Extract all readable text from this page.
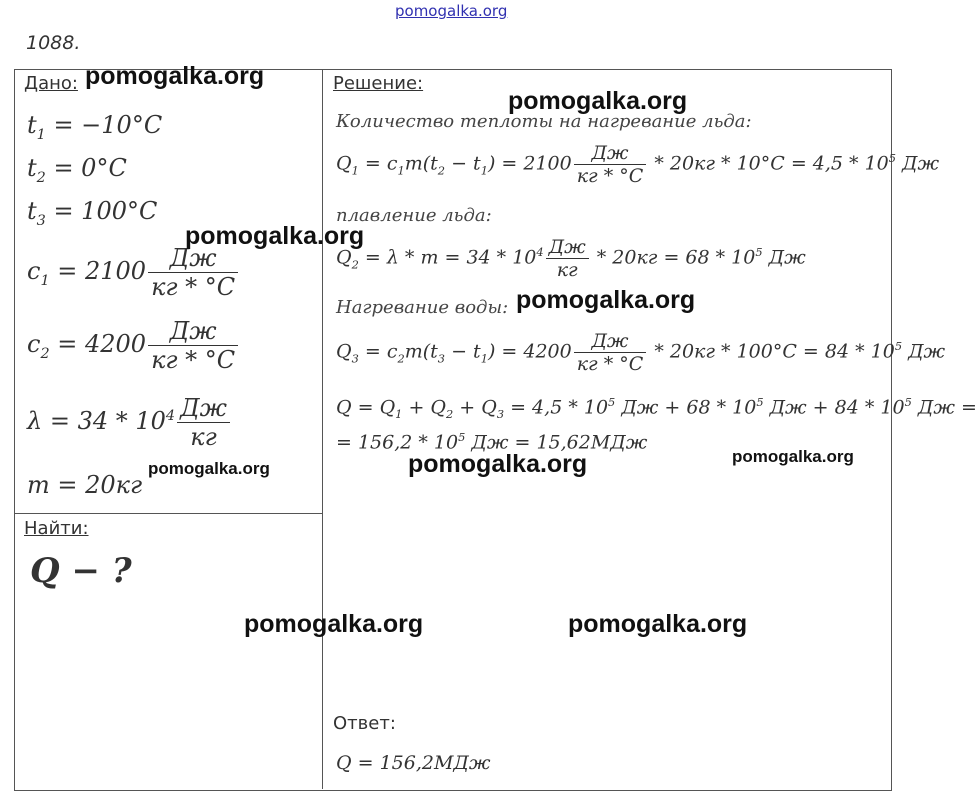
pomogalka.org
1088.
Дано:	Решение:
Найти:
Ответ:
$t_1 = -10^\circ C$
$t_2 = 0^\circ C$
$t_3 = 100^\circ C$
$c_1 = 2100 \frac{Дж}{кг * ^\circ C}$
$c_2 = 4200 \frac{Дж}{кг * ^\circ C}$
$\lambda = 34 * 10^4 \frac{Дж}{кг}$
m = 20кг
Q − ?
Количество теплоты на нагревание льда:
$Q_1 = c_1m(t_2 - t_1) = 2100 \frac{Дж}{кг * ^\circ C} * 20кг * 10^\circ C = 4,5 * 10^5$ Дж
плавление льда:
$Q_2 = \lambda * m = 34 * 10^4 \frac{Дж}{кг} * 20кг = 68 * 10^5$ Дж
Нагревание воды:
$Q_3 = c_2m(t_3 - t_1) = 4200 \frac{Дж}{кг * ^\circ C} * 20кг * 100^\circ C = 84 * 10^5$ Дж
$Q = Q_1 + Q_2 + Q_3 = 4,5 * 10^5$ Дж + $68 * 10^5$ Дж + $84 * 10^5$ Дж =
= $156,2 * 10^5$ Дж = 15,62МДж
Q = 156,2МДж
pomogalka.org
pomogalka.org
pomogalka.org
pomogalka.org
pomogalka.org	pomogalka.org	pomogalka.org
pomogalka.org	pomogalka.org
